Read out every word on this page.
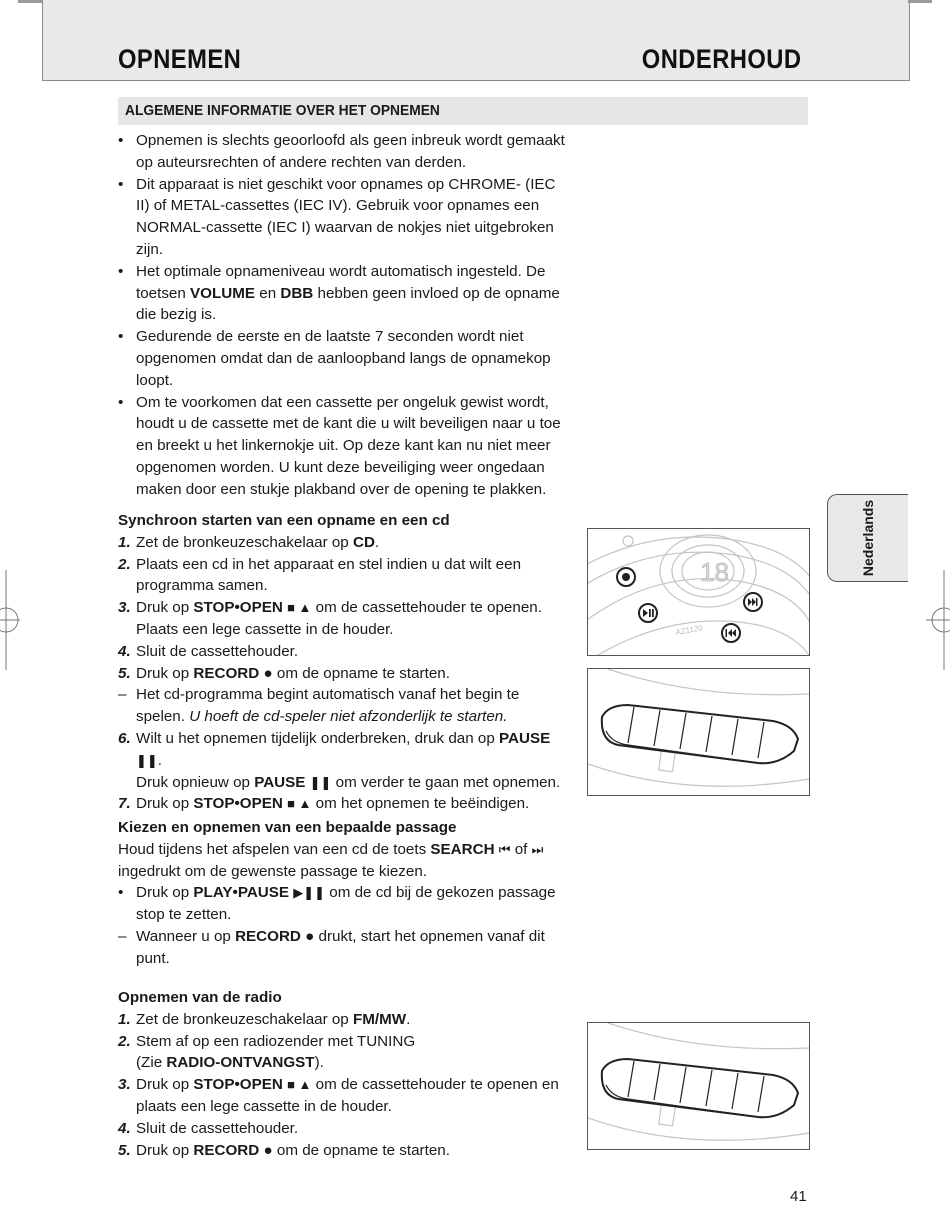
OPNEMEN	ONDERHOUD
ALGEMENE INFORMATIE OVER HET OPNEMEN

• Opnemen is slechts geoorloofd als geen inbreuk wordt gemaakt op auteursrechten of andere rechten van derden.

• Dit apparaat is niet geschikt voor opnames op CHROME- (IEC II) of METAL-cassettes (IEC IV). Gebruik voor opnames een NORMAL-cassette (IEC I) waarvan de nokjes niet uitgebroken zijn.

• Het optimale opnameniveau wordt automatisch ingesteld. De toetsen VOLUME en DBB hebben geen invloed op de opname die bezig is.

• Gedurende de eerste en de laatste 7 seconden wordt niet opgenomen omdat dan de aanloopband langs de opnamekop loopt.

• Om te voorkomen dat een cassette per ongeluk gewist wordt, houdt u de cassette met de kant die u wilt beveiligen naar u toe en breekt u het linkernokje uit. Op deze kant kan nu niet meer opgenomen worden. U kunt deze beveiliging weer ongedaan maken door een stukje plakband over de opening te plakken.

Synchroon starten van een opname en een cd

1. Zet de bronkeuzeschakelaar op CD.

2. Plaats een cd in het apparaat en stel indien u dat wilt een programma samen.

3. Druk op STOP•OPEN ■ ▲ om de cassettehouder te openen. Plaats een lege cassette in de houder.

4. Sluit de cassettehouder.

5. Druk op RECORD ● om de opname te starten.

– Het cd-programma begint automatisch vanaf het begin te spelen. U hoeft de cd-speler niet afzonderlijk te starten.

6. Wilt u het opnemen tijdelijk onderbreken, druk dan op PAUSE ❚❚.
Druk opnieuw op PAUSE ❚❚ om verder te gaan met opnemen.

7. Druk op STOP•OPEN ■ ▲ om het opnemen te beëindigen.

Kiezen en opnemen van een bepaalde passage

Houd tijdens het afspelen van een cd de toets SEARCH ⏮ of ⏭ ingedrukt om de gewenste passage te kiezen.

• Druk op PLAY•PAUSE ▶❚❚ om de cd bij de gekozen passage stop te zetten.

– Wanneer u op RECORD ● drukt, start het opnemen vanaf dit punt.

Opnemen van de radio

1. Zet de bronkeuzeschakelaar op FM/MW.

2. Stem af op een radiozender met TUNING
(Zie RADIO-ONTVANGST).

3. Druk op STOP•OPEN ■ ▲ om de cassettehouder te openen en plaats een lege cassette in de houder.

4. Sluit de cassettehouder.

5. Druk op RECORD ● om de opname te starten.

Nederlands
18
AZ1120
41
